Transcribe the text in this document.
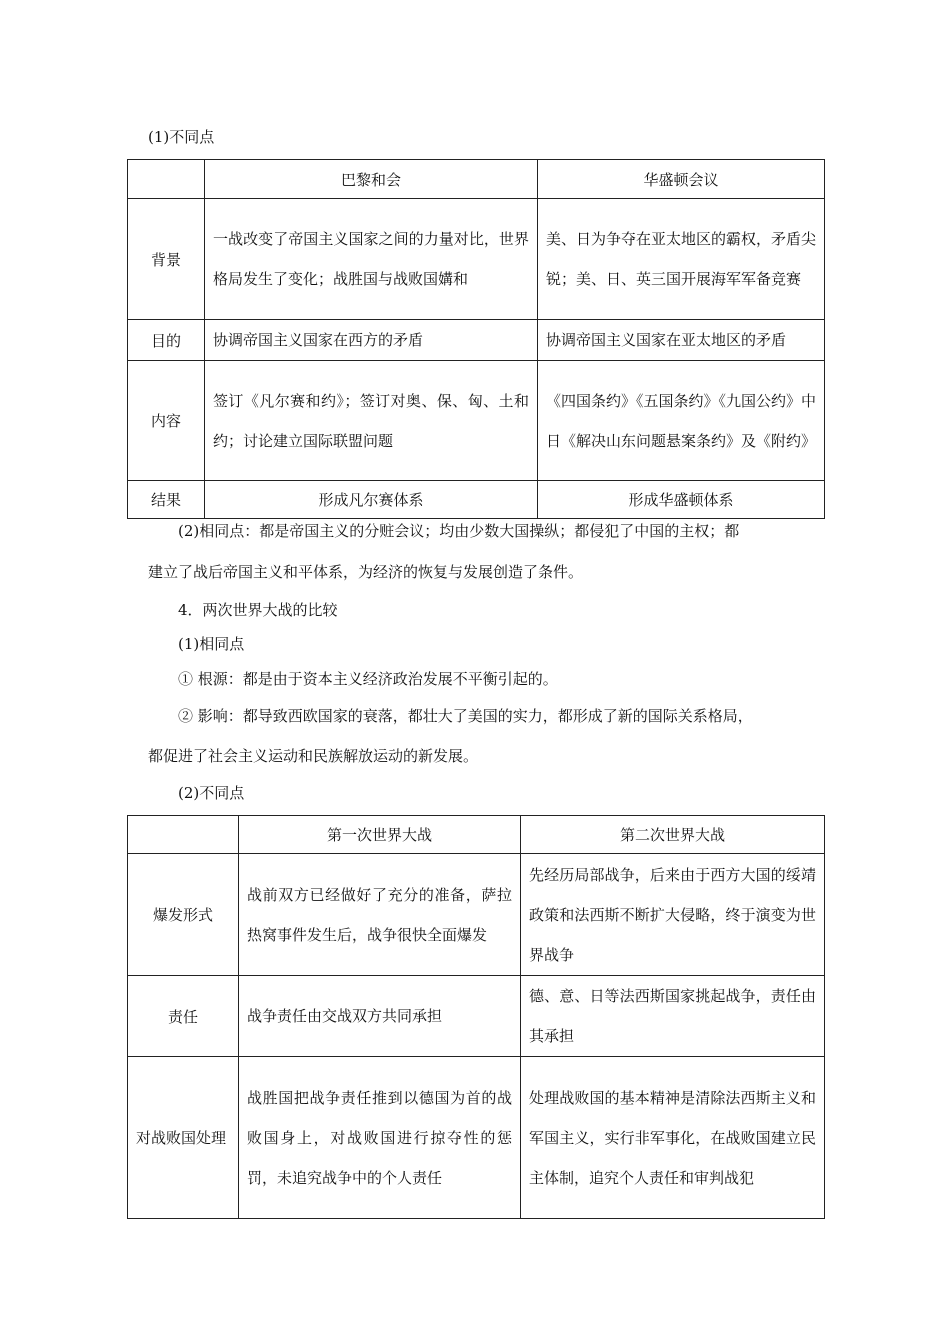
(1)不同点
	巴黎和会	华盛顿会议
背景	一战改变了帝国主义国家之间的力量对比，世界格局发生了变化；战胜国与战败国媾和	美、日为争夺在亚太地区的霸权，矛盾尖锐；美、日、英三国开展海军军备竞赛
目的	协调帝国主义国家在西方的矛盾	协调帝国主义国家在亚太地区的矛盾
内容	签订《凡尔赛和约》；签订对奥、保、匈、土和约；讨论建立国际联盟问题	《四国条约》《五国条约》《九国公约》中日《解决山东问题悬案条约》及《附约》
结果	形成凡尔赛体系	形成华盛顿体系
(2)相同点：都是帝国主义的分赃会议；均由少数大国操纵；都侵犯了中国的主权；都
建立了战后帝国主义和平体系，为经济的恢复与发展创造了条件。
4．两次世界大战的比较
(1)相同点
① 根源：都是由于资本主义经济政治发展不平衡引起的。
② 影响：都导致西欧国家的衰落，都壮大了美国的实力，都形成了新的国际关系格局，
都促进了社会主义运动和民族解放运动的新发展。
(2)不同点
	第一次世界大战	第二次世界大战
爆发形式	战前双方已经做好了充分的准备，萨拉热窝事件发生后，战争很快全面爆发	先经历局部战争，后来由于西方大国的绥靖政策和法西斯不断扩大侵略，终于演变为世界战争
责任	战争责任由交战双方共同承担	德、意、日等法西斯国家挑起战争，责任由其承担
对战败国处理	战胜国把战争责任推到以德国为首的战败国身上，对战败国进行掠夺性的惩罚，未追究战争中的个人责任	处理战败国的基本精神是清除法西斯主义和军国主义，实行非军事化，在战败国建立民主体制，追究个人责任和审判战犯
